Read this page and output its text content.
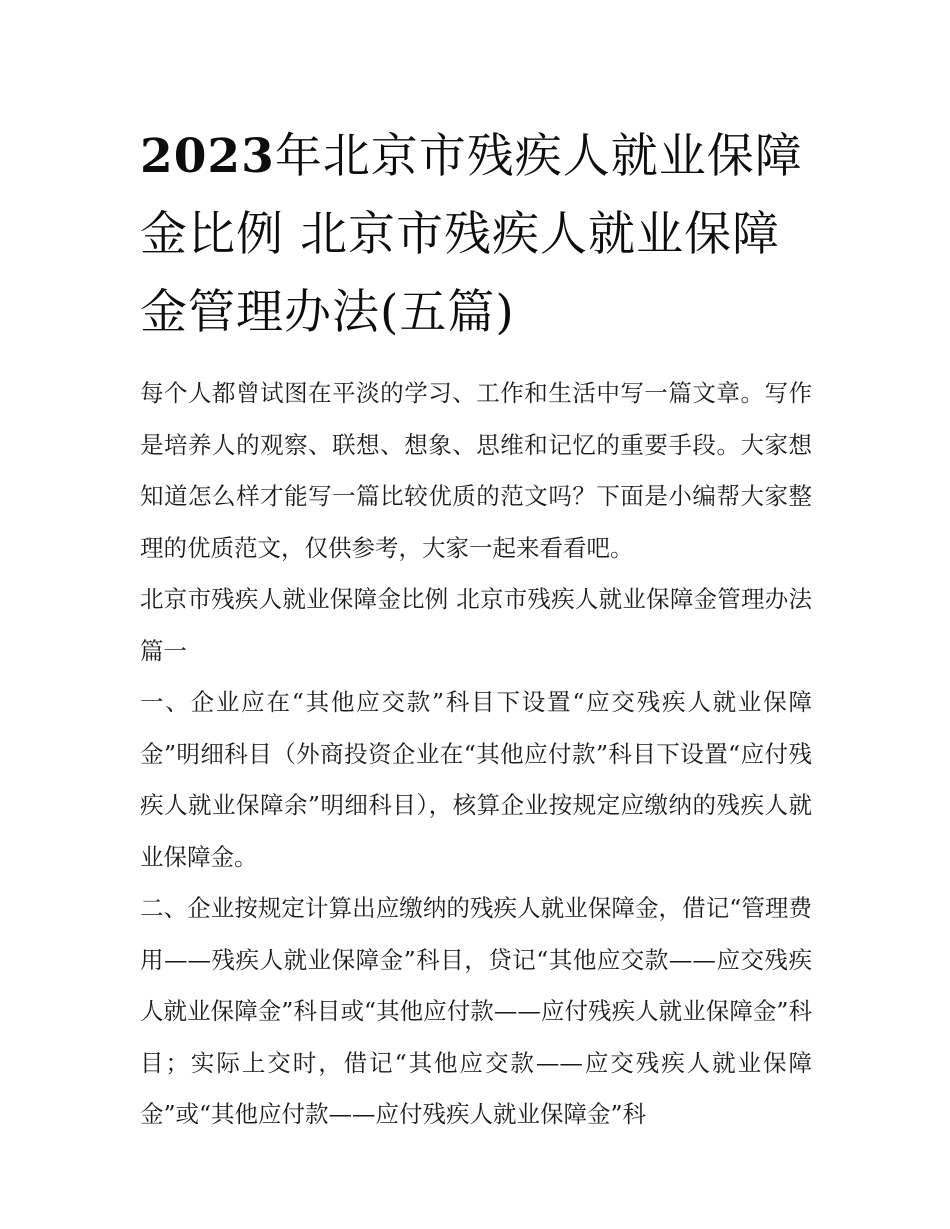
2023年北京市残疾人就业保障金比例 北京市残疾人就业保障金管理办法(五篇)

每个人都曾试图在平淡的学习、工作和生活中写一篇文章。写作是培养人的观察、联想、想象、思维和记忆的重要手段。大家想知道怎么样才能写一篇比较优质的范文吗？下面是小编帮大家整理的优质范文，仅供参考，大家一起来看看吧。

北京市残疾人就业保障金比例 北京市残疾人就业保障金管理办法篇一

一、企业应在“其他应交款”科目下设置“应交残疾人就业保障金”明细科目（外商投资企业在“其他应付款”科目下设置“应付残疾人就业保障余”明细科目），核算企业按规定应缴纳的残疾人就业保障金。

二、企业按规定计算出应缴纳的残疾人就业保障金，借记“管理费用——残疾人就业保障金”科目，贷记“其他应交款——应交残疾人就业保障金”科目或“其他应付款——应付残疾人就业保障金”科目；实际上交时，借记“其他应交款——应交残疾人就业保障金”或“其他应付款——应付残疾人就业保障金”科
